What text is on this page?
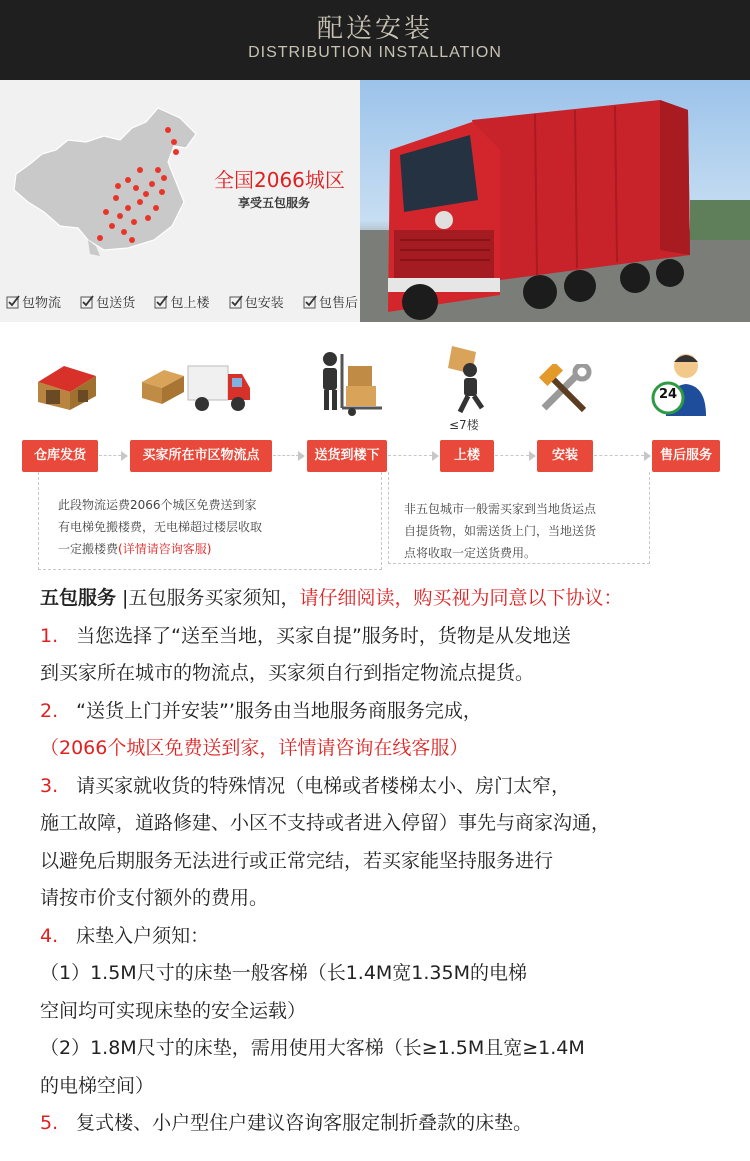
配送安装
DISTRIBUTION INSTALLATION
全国2066城区
享受五包服务
包物流	包送货	包上楼	包安装	包售后
24
仓库发货	买家所在市区物流点	送货到楼下	上楼	安装	售后服务
≤7楼
此段物流运费2066个城区免费送到家
有电梯免搬楼费，无电梯超过楼层收取
一定搬楼费(详情请咨询客服)
非五包城市一般需买家到当地货运点
自提货物，如需送货上门，当地送货
点将收取一定送货费用。
五包服务 |五包服务买家须知，请仔细阅读，购买视为同意以下协议：
1. 当您选择了“送至当地，买家自提”服务时，货物是从发地送
到买家所在城市的物流点，买家须自行到指定物流点提货。
2. “送货上门并安装”’服务由当地服务商服务完成，
（2066个城区免费送到家，详情请咨询在线客服）
3. 请买家就收货的特殊情况（电梯或者楼梯太小、房门太窄，
施工故障，道路修建、小区不支持或者进入停留）事先与商家沟通，
以避免后期服务无法进行或正常完结，若买家能坚持服务进行
请按市价支付额外的费用。
4. 床垫入户须知：
（1）1.5M尺寸的床垫一般客梯（长1.4M宽1.35M的电梯
空间均可实现床垫的安全运载）
（2）1.8M尺寸的床垫，需用使用大客梯（长≥1.5M且宽≥1.4M
的电梯空间）
5. 复式楼、小户型住户建议咨询客服定制折叠款的床垫。
